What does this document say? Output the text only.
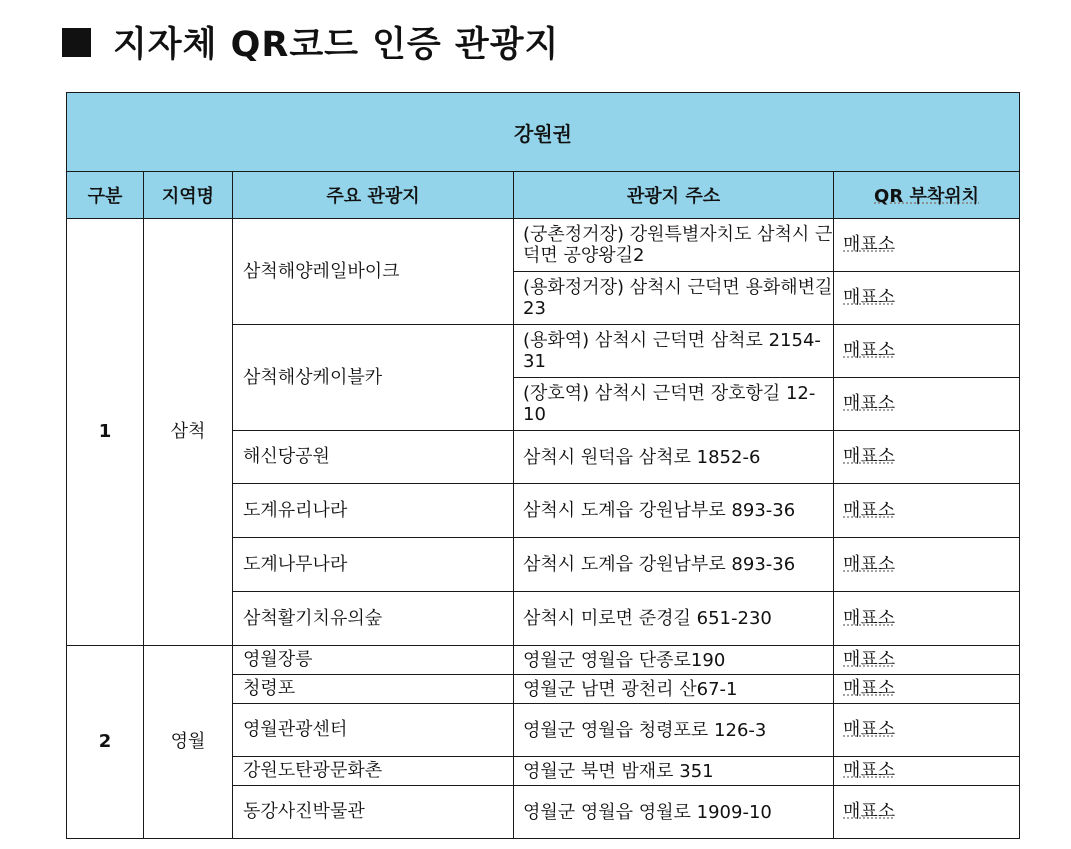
지자체 QR코드 인증 관광지
강원권				
구분	지역명	주요 관광지	관광지 주소	QR 부착위치
1	삼척	삼척해양레일바이크	(궁촌정거장) 강원특별자치도 삼척시 근덕면 공양왕길2	매표소
			(용화정거장) 삼척시 근덕면 용화해변길 23	매표소
		삼척해상케이블카	(용화역) 삼척시 근덕면 삼척로 2154-31	매표소
			(장호역) 삼척시 근덕면 장호항길 12-10	매표소
		해신당공원	삼척시 원덕읍 삼척로 1852-6	매표소
		도계유리나라	삼척시 도계읍 강원남부로 893-36	매표소
		도계나무나라	삼척시 도계읍 강원남부로 893-36	매표소
		삼척활기치유의숲	삼척시 미로면 준경길 651-230	매표소
2	영월	영월장릉	영월군 영월읍 단종로190	매표소
		청령포	영월군 남면 광천리 산67-1	매표소
		영월관광센터	영월군 영월읍 청령포로 126-3	매표소
		강원도탄광문화촌	영월군 북면 밤재로 351	매표소
		동강사진박물관	영월군 영월읍 영월로 1909-10	매표소
